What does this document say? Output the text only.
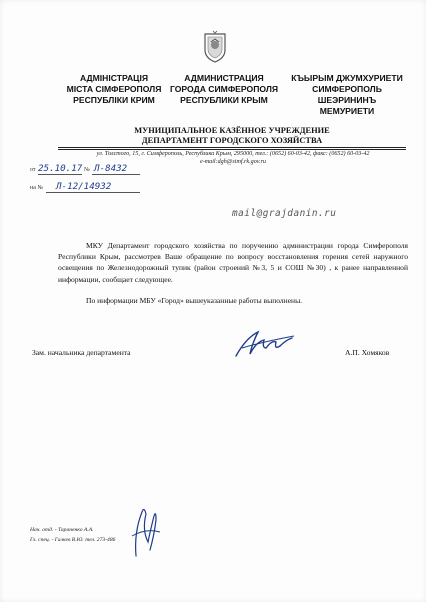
АДМІНІСТРАЦІЯ
МІСТА СІМФЕРОПОЛЯ
РЕСПУБЛІКИ КРИМ
АДМИНИСТРАЦИЯ
ГОРОДА СИМФЕРОПОЛЯ
РЕСПУБЛИКИ КРЫМ
КЪЫРЫМ ДЖУМХУРИЕТИ
СИМФЕРОПОЛЬ
ШЕЭРИНИНЪ
МЕМУРИЕТИ
МУНИЦИПАЛЬНОЕ КАЗЁННОЕ УЧРЕЖДЕНИЕ
ДЕПАРТАМЕНТ ГОРОДСКОГО ХОЗЯЙСТВА
ул. Толстого, 15, г. Симферополь, Республика Крым, 295000, тел.: (0652) 60-03-42, факс: (0652) 60-03-42
e-mail:dgh@simf.rk.gov.ru
от 25.10.17 № Л-8432
на № Л-12/14932
mail@grajdanin.ru
МКУ Департамент городского хозяйства по поручению администрации города Симферополя Республики Крым, рассмотрев Ваше обращение по вопросу восстановления горения сетей наружного освещения по Железнодорожный тупик (район строений №3, 5 и СОШ №30) , к ранее направленной информации, сообщает следующее.
По информации МБУ «Город» вышеуказанные работы выполнены.
Зам. начальника департамента	А.П. Хомяков
Нач. отд. - Тараненко А.А.
Гл. спец. - Галкев В.Ю. тел. 273-486
